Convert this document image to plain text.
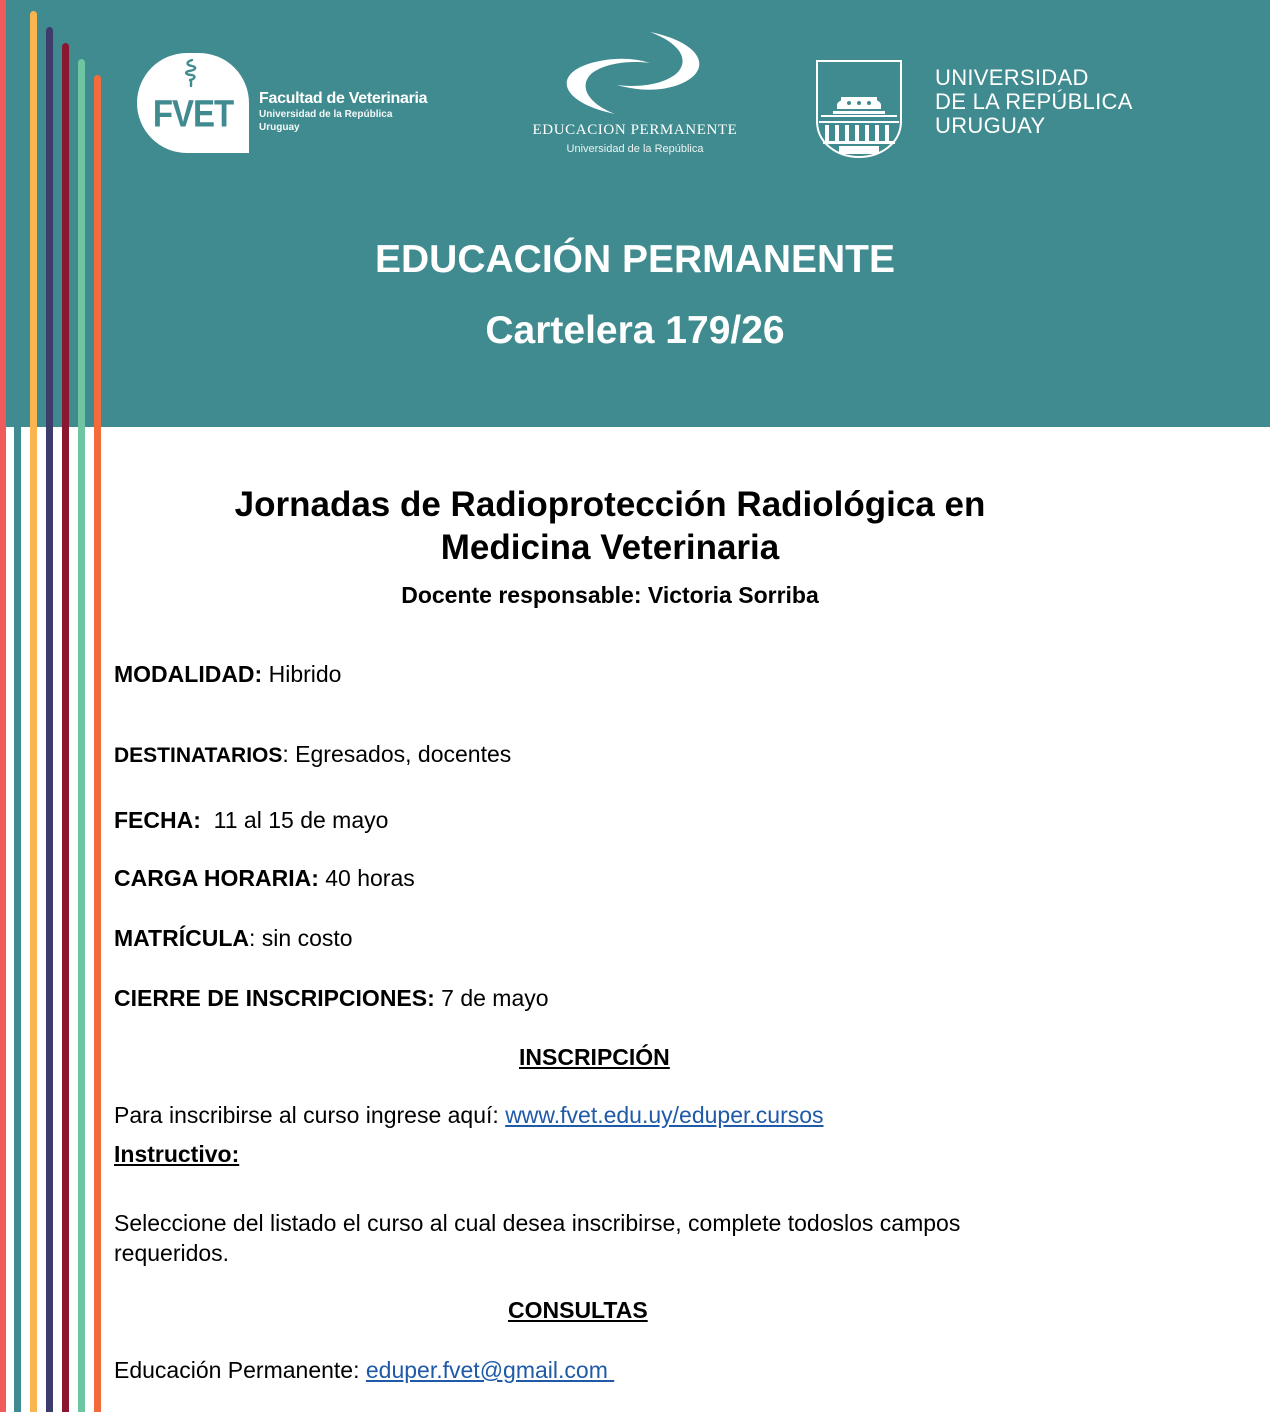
FVET Facultad de Veterinaria
Universidad de la República
Uruguay	EDUCACION PERMANENTE
Universidad de la República
UNIVERSIDAD
DE LA REPÚBLICA
URUGUAY
EDUCACIÓN PERMANENTE
Cartelera 179/26
Jornadas de Radioprotección Radiológica en Medicina Veterinaria
Docente responsable: Victoria Sorriba
MODALIDAD: Hibrido
DESTINATARIOS: Egresados, docentes
FECHA:  11 al 15 de mayo
CARGA HORARIA: 40 horas
MATRÍCULA: sin costo
CIERRE DE INSCRIPCIONES: 7 de mayo
INSCRIPCIÓN
Para inscribirse al curso ingrese aquí: www.fvet.edu.uy/eduper.cursos
Instructivo:
Seleccione del listado el curso al cual desea inscribirse, complete todoslos campos requeridos.
CONSULTAS
Educación Permanente: eduper.fvet@gmail.com
